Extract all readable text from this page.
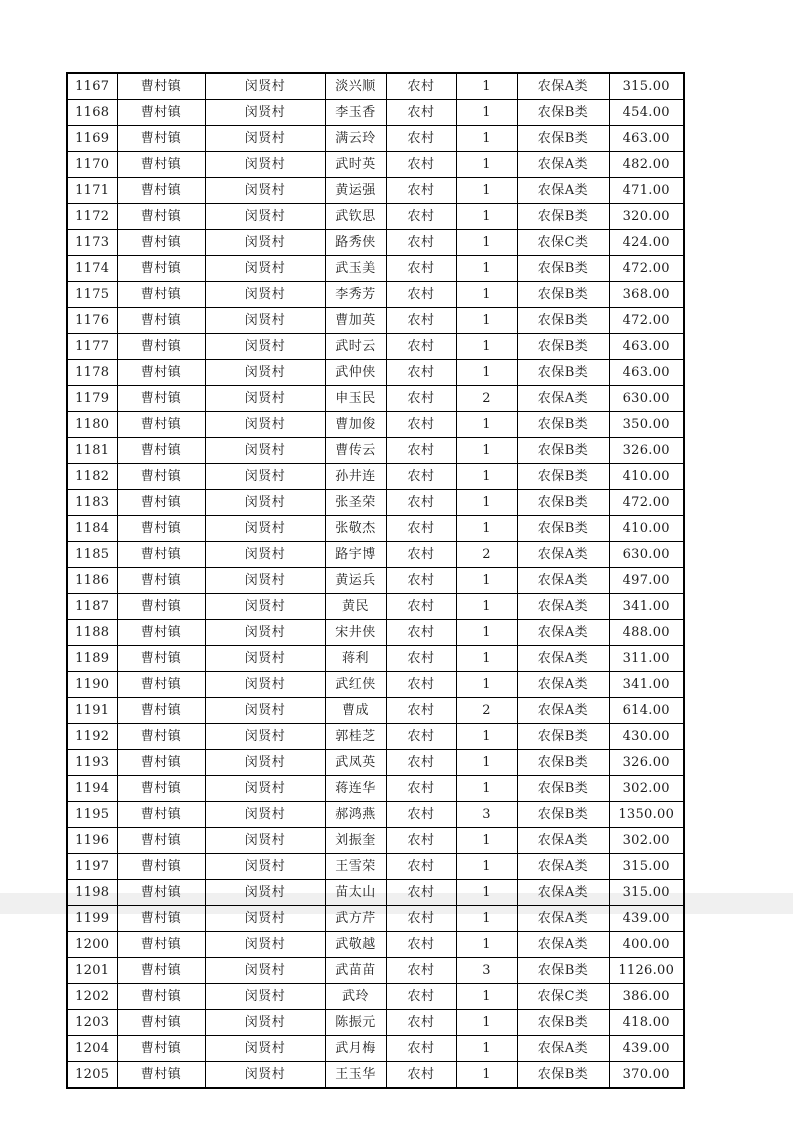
1167	曹村镇	闵贤村	淡兴顺	农村	1	农保A类	315.00
1168	曹村镇	闵贤村	李玉香	农村	1	农保B类	454.00
1169	曹村镇	闵贤村	满云玲	农村	1	农保B类	463.00
1170	曹村镇	闵贤村	武时英	农村	1	农保A类	482.00
1171	曹村镇	闵贤村	黄运强	农村	1	农保A类	471.00
1172	曹村镇	闵贤村	武钦思	农村	1	农保B类	320.00
1173	曹村镇	闵贤村	路秀侠	农村	1	农保C类	424.00
1174	曹村镇	闵贤村	武玉美	农村	1	农保B类	472.00
1175	曹村镇	闵贤村	李秀芳	农村	1	农保B类	368.00
1176	曹村镇	闵贤村	曹加英	农村	1	农保B类	472.00
1177	曹村镇	闵贤村	武时云	农村	1	农保B类	463.00
1178	曹村镇	闵贤村	武仲侠	农村	1	农保B类	463.00
1179	曹村镇	闵贤村	申玉民	农村	2	农保A类	630.00
1180	曹村镇	闵贤村	曹加俊	农村	1	农保B类	350.00
1181	曹村镇	闵贤村	曹传云	农村	1	农保B类	326.00
1182	曹村镇	闵贤村	孙井连	农村	1	农保B类	410.00
1183	曹村镇	闵贤村	张圣荣	农村	1	农保B类	472.00
1184	曹村镇	闵贤村	张敬杰	农村	1	农保B类	410.00
1185	曹村镇	闵贤村	路宇博	农村	2	农保A类	630.00
1186	曹村镇	闵贤村	黄运兵	农村	1	农保A类	497.00
1187	曹村镇	闵贤村	黄民	农村	1	农保A类	341.00
1188	曹村镇	闵贤村	宋井侠	农村	1	农保A类	488.00
1189	曹村镇	闵贤村	蒋利	农村	1	农保A类	311.00
1190	曹村镇	闵贤村	武红侠	农村	1	农保A类	341.00
1191	曹村镇	闵贤村	曹成	农村	2	农保A类	614.00
1192	曹村镇	闵贤村	郭桂芝	农村	1	农保B类	430.00
1193	曹村镇	闵贤村	武凤英	农村	1	农保B类	326.00
1194	曹村镇	闵贤村	蒋连华	农村	1	农保B类	302.00
1195	曹村镇	闵贤村	郝鸿燕	农村	3	农保B类	1350.00
1196	曹村镇	闵贤村	刘振奎	农村	1	农保A类	302.00
1197	曹村镇	闵贤村	王雪荣	农村	1	农保A类	315.00
1198	曹村镇	闵贤村	苗太山	农村	1	农保A类	315.00
1199	曹村镇	闵贤村	武方芹	农村	1	农保A类	439.00
1200	曹村镇	闵贤村	武敬越	农村	1	农保A类	400.00
1201	曹村镇	闵贤村	武苗苗	农村	3	农保B类	1126.00
1202	曹村镇	闵贤村	武玲	农村	1	农保C类	386.00
1203	曹村镇	闵贤村	陈振元	农村	1	农保B类	418.00
1204	曹村镇	闵贤村	武月梅	农村	1	农保A类	439.00
1205	曹村镇	闵贤村	王玉华	农村	1	农保B类	370.00
